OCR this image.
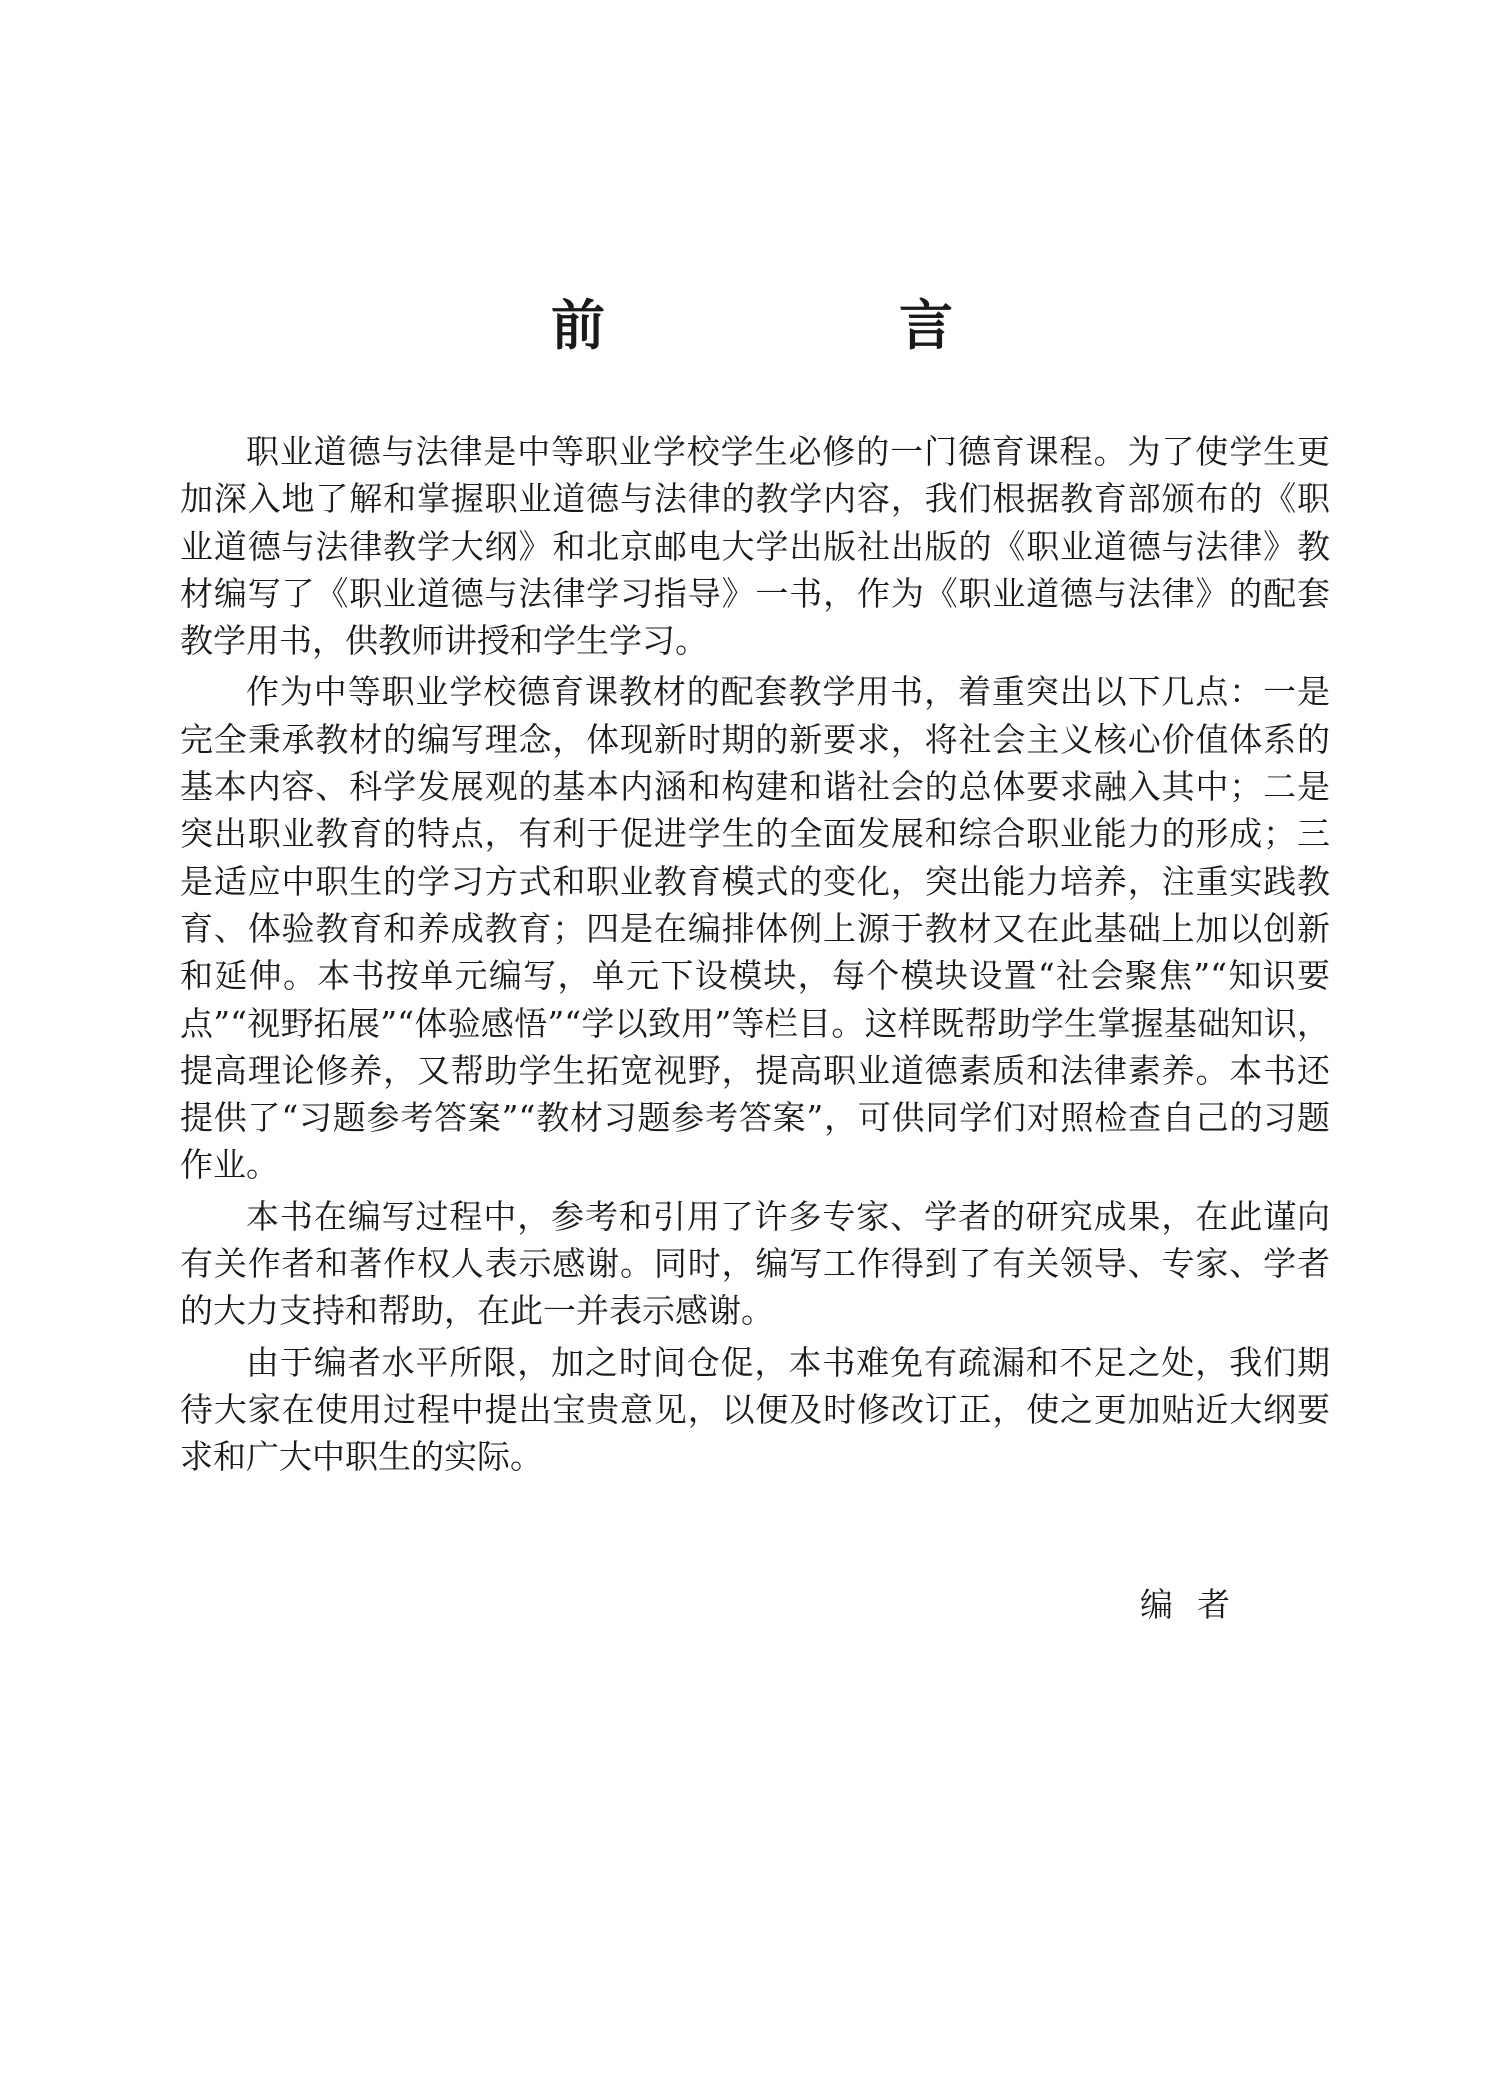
前　言

职业道德与法律是中等职业学校学生必修的一门德育课程。为了使学生更加深入地了解和掌握职业道德与法律的教学内容，我们根据教育部颁布的《职业道德与法律教学大纲》和北京邮电大学出版社出版的《职业道德与法律》教材编写了《职业道德与法律学习指导》一书，作为《职业道德与法律》的配套教学用书，供教师讲授和学生学习。

作为中等职业学校德育课教材的配套教学用书，着重突出以下几点：一是完全秉承教材的编写理念，体现新时期的新要求，将社会主义核心价值体系的基本内容、科学发展观的基本内涵和构建和谐社会的总体要求融入其中；二是突出职业教育的特点，有利于促进学生的全面发展和综合职业能力的形成；三是适应中职生的学习方式和职业教育模式的变化，突出能力培养，注重实践教育、体验教育和养成教育；四是在编排体例上源于教材又在此基础上加以创新和延伸。本书按单元编写，单元下设模块，每个模块设置“社会聚焦”“知识要点”“视野拓展”“体验感悟”“学以致用”等栏目。这样既帮助学生掌握基础知识，提高理论修养，又帮助学生拓宽视野，提高职业道德素质和法律素养。本书还提供了“习题参考答案”“教材习题参考答案”，可供同学们对照检查自己的习题作业。

本书在编写过程中，参考和引用了许多专家、学者的研究成果，在此谨向有关作者和著作权人表示感谢。同时，编写工作得到了有关领导、专家、学者的大力支持和帮助，在此一并表示感谢。

由于编者水平所限，加之时间仓促，本书难免有疏漏和不足之处，我们期待大家在使用过程中提出宝贵意见，以便及时修改订正，使之更加贴近大纲要求和广大中职生的实际。

编者
